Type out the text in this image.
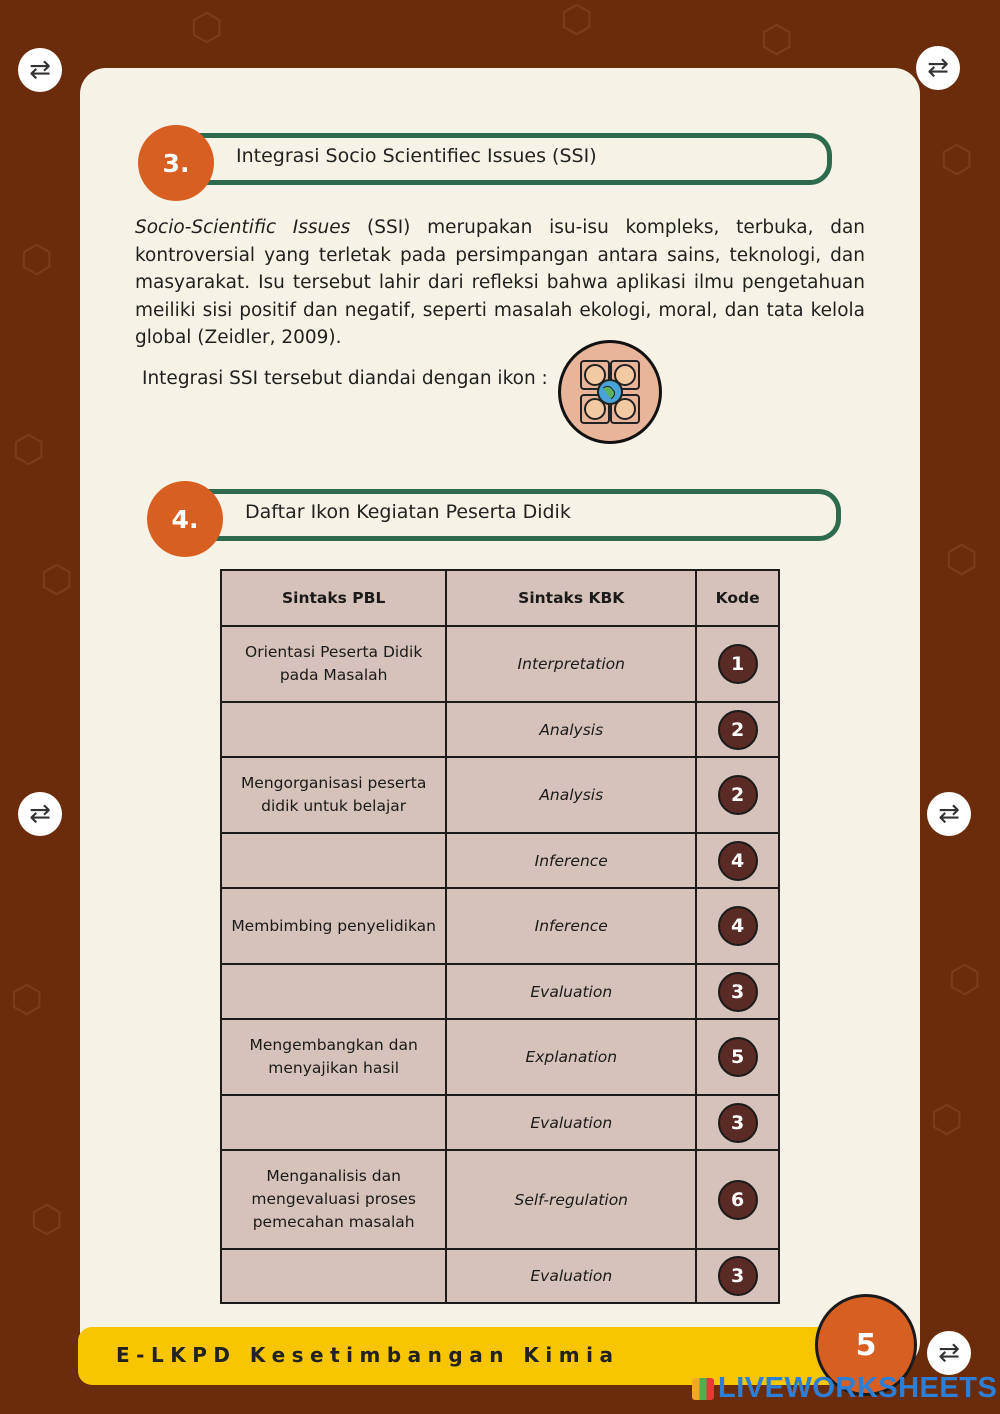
⬡	⬡	⬡
⬡
⬡
⬡
⬡
⬡
⬡
⬡
⬡
⬡
⇄	⇄
⇄	⇄
⇄
3.	Integrasi Socio Scientifiec Issues (SSI)
Socio-Scientific Issues (SSI) merupakan isu-isu kompleks, terbuka, dan kontroversial yang terletak pada persimpangan antara sains, teknologi, dan masyarakat. Isu tersebut lahir dari refleksi bahwa aplikasi ilmu pengetahuan meiliki sisi positif dan negatif, seperti masalah ekologi, moral, dan tata kelola global (Zeidler, 2009).
Integrasi SSI tersebut diandai dengan ikon :
4.	Daftar Ikon Kegiatan Peserta Didik
Sintaks PBL	Sintaks KBK	Kode
Orientasi Peserta Didik pada Masalah	Interpretation	1
	Analysis	2
Mengorganisasi peserta didik untuk belajar	Analysis	2
	Inference	4
Membimbing penyelidikan	Inference	4
	Evaluation	3
Mengembangkan dan menyajikan hasil	Explanation	5
	Evaluation	3
Menganalisis dan mengevaluasi proses pemecahan masalah	Self-regulation	6
	Evaluation	3
E-LKPD Kesetimbangan Kimia	5
LIVEWORKSHEETS
